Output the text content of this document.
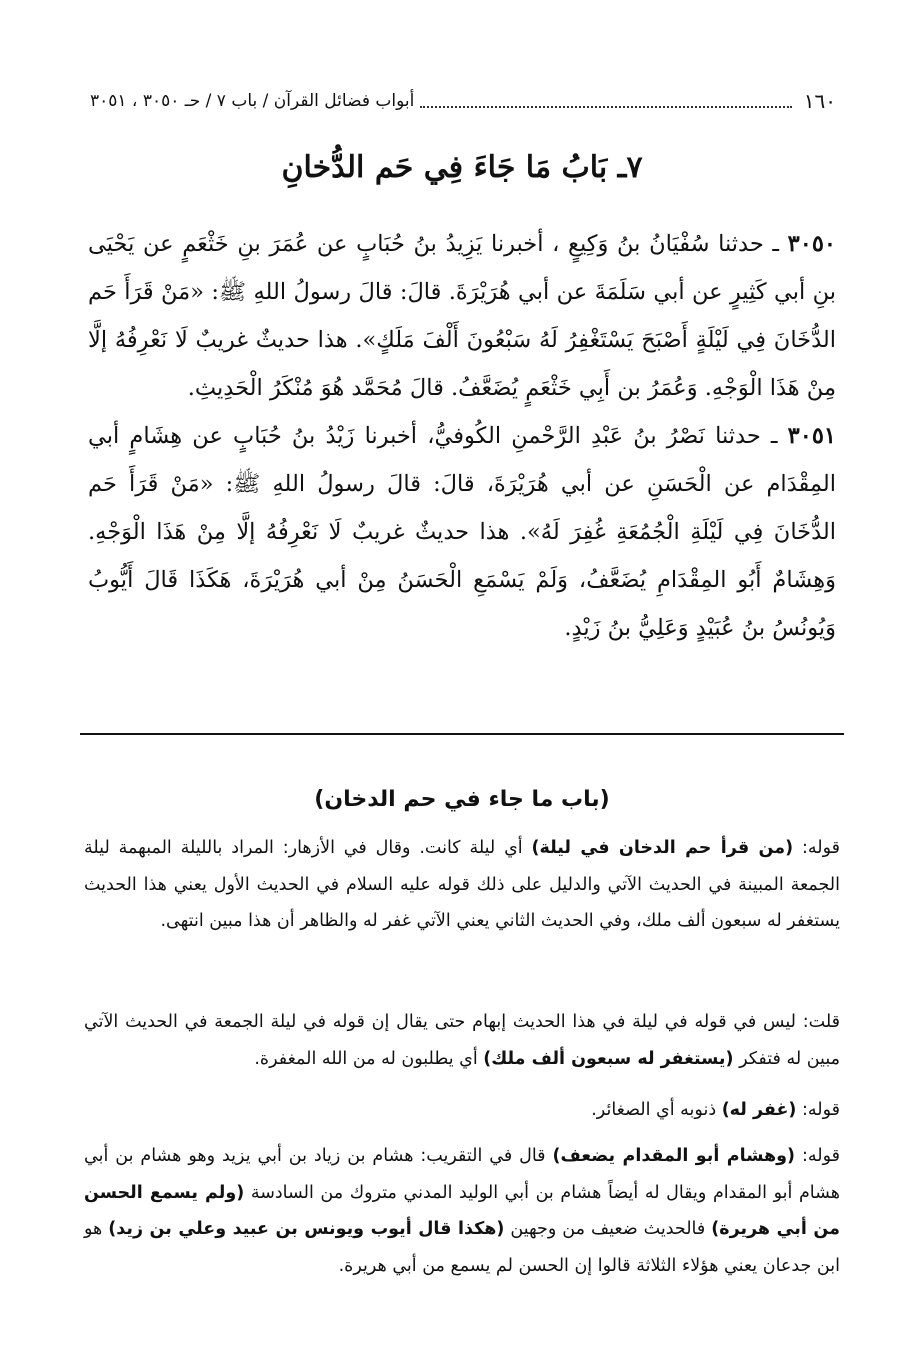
١٦٠
أبواب فضائل القرآن / باب ٧ / حـ ٣٠٥٠ ، ٣٠٥١
٧ـ بَابُ مَا جَاءَ فِي حَم الدُّخانِ
٣٠٥٠ ـ حدثنا سُفْيَانُ بنُ وَكِيعٍ ، أخبرنا يَزِيدُ بنُ حُبَابٍ عن عُمَرَ بنِ خَثْعَمٍ عن يَحْيَى بنِ أبي كَثِيرٍ عن أبي سَلَمَةَ عن أبي هُرَيْرَةَ. قالَ: قالَ رسولُ اللهِ ﷺ: «مَنْ قَرَأَ حَم الدُّخَانَ فِي لَيْلَةٍ أَصْبَحَ يَسْتَغْفِرُ لَهُ سَبْعُونَ أَلْفَ مَلَكٍ». هذا حديثٌ غريبٌ لَا نَعْرِفُهُ إلَّا مِنْ هَذَا الْوَجْهِ. وَعُمَرُ بن أَبِي خَثْعَمٍ يُضَعَّفُ. قالَ مُحَمَّد هُوَ مُنْكَرُ الْحَدِيثِ.
٣٠٥١ ـ حدثنا نَصْرُ بنُ عَبْدِ الرَّحْمنِ الكُوفيُّ، أخبرنا زَيْدُ بنُ حُبَابٍ عن هِشَامٍ أبي المِقْدَام عن الْحَسَنِ عن أبي هُرَيْرَةَ، قالَ: قالَ رسولُ اللهِ ﷺ: «مَنْ قَرَأَ حَم الدُّخَانَ فِي لَيْلَةِ الْجُمُعَةِ غُفِرَ لَهُ». هذا حديثٌ غريبٌ لَا نَعْرِفُهُ إلَّا مِنْ هَذَا الْوَجْهِ. وَهِشَامٌ أَبُو المِقْدَامِ يُضَعَّفُ، وَلَمْ يَسْمَعِ الْحَسَنُ مِنْ أبي هُرَيْرَةَ، هَكَذَا قَالَ أَيُّوبُ وَيُونُسُ بنُ عُبَيْدٍ وَعَلِيُّ بنُ زَيْدٍ.
(باب ما جاء في حم الدخان)
قوله: (من قرأ حم الدخان في ليلة) أي ليلة كانت. وقال في الأزهار: المراد بالليلة المبهمة ليلة الجمعة المبينة في الحديث الآتي والدليل على ذلك قوله عليه السلام في الحديث الأول يعني هذا الحديث يستغفر له سبعون ألف ملك، وفي الحديث الثاني يعني الآتي غفر له والظاهر أن هذا مبين انتهى.
قلت: ليس في قوله في ليلة في هذا الحديث إبهام حتى يقال إن قوله في ليلة الجمعة في الحديث الآتي مبين له فتفكر (يستغفر له سبعون ألف ملك) أي يطلبون له من الله المغفرة.
قوله: (غفر له) ذنوبه أي الصغائر.
قوله: (وهشام أبو المقدام يضعف) قال في التقريب: هشام بن زياد بن أبي يزيد وهو هشام بن أبي هشام أبو المقدام ويقال له أيضاً هشام بن أبي الوليد المدني متروك من السادسة (ولم يسمع الحسن من أبي هريرة) فالحديث ضعيف من وجهين (هكذا قال أيوب ويونس بن عبيد وعلي بن زيد) هو ابن جدعان يعني هؤلاء الثلاثة قالوا إن الحسن لم يسمع من أبي هريرة.
